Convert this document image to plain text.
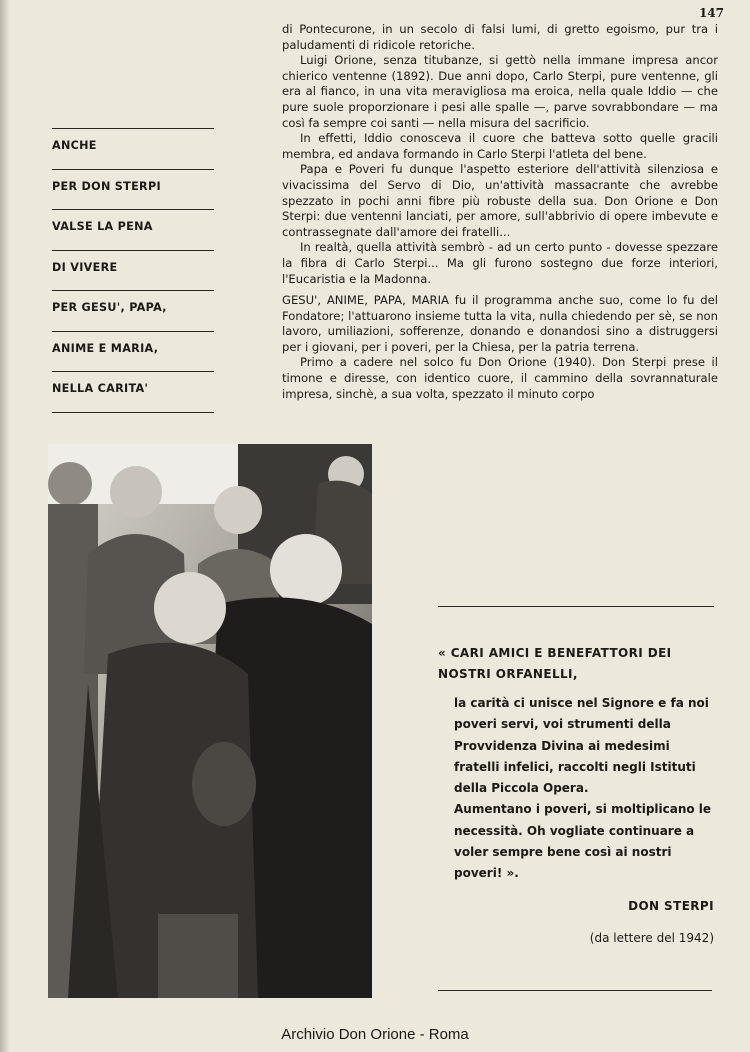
147

di Pontecurone, in un secolo di falsi lumi, di gretto egoismo, pur tra i paludamenti di ridicole retoriche.

Luigi Orione, senza titubanze, si gettò nella immane impresa ancor chierico ventenne (1892). Due anni dopo, Carlo Sterpi, pure ventenne, gli era al fianco, in una vita meravigliosa ma eroica, nella quale Iddio — che pure suole proporzionare i pesi alle spalle —, parve sovrabbondare — ma così fa sempre coi santi — nella misura del sacrificio.

In effetti, Iddio conosceva il cuore che batteva sotto quelle gracili membra, ed andava formando in Carlo Sterpi l'atleta del bene.

Papa e Poveri fu dunque l'aspetto esteriore dell'attività silenziosa e vivacissima del Servo di Dio, un'attività massacrante che avrebbe spezzato in pochi anni fibre più robuste della sua. Don Orione e Don Sterpi: due ventenni lanciati, per amore, sull'abbrivio di opere imbevute e contrassegnate dall'amore dei fratelli...

In realtà, quella attività sembrò - ad un certo punto - dovesse spezzare la fibra di Carlo Sterpi... Ma gli furono sostegno due forze interiori, l'Eucaristia e la Madonna.

GESU', ANIME, PAPA, MARIA fu il programma anche suo, come lo fu del Fondatore; l'attuarono insieme tutta la vita, nulla chiedendo per sè, se non lavoro, umiliazioni, sofferenze, donando e donandosi sino a distruggersi per i giovani, per i poveri, per la Chiesa, per la patria terrena.

Primo a cadere nel solco fu Don Orione (1940). Don Sterpi prese il timone e diresse, con identico cuore, il cammino della sovrannaturale impresa, sinchè, a sua volta, spezzato il minuto corpo

ANCHE
PER DON STERPI
VALSE LA PENA
DI VIVERE
PER GESU', PAPA,
ANIME E MARIA,
NELLA CARITA'
« CARI AMICI E BENEFATTORI DEI NOSTRI ORFANELLI,

la carità ci unisce nel Signore e fa noi poveri servi, voi strumenti della Provvidenza Divina ai medesimi fratelli infelici, raccolti negli Istituti della Piccola Opera.

Aumentano i poveri, si moltiplicano le necessità. Oh vogliate continuare a voler sempre bene così ai nostri poveri! ».

DON STERPI
(da lettere del 1942)
Archivio Don Orione - Roma
